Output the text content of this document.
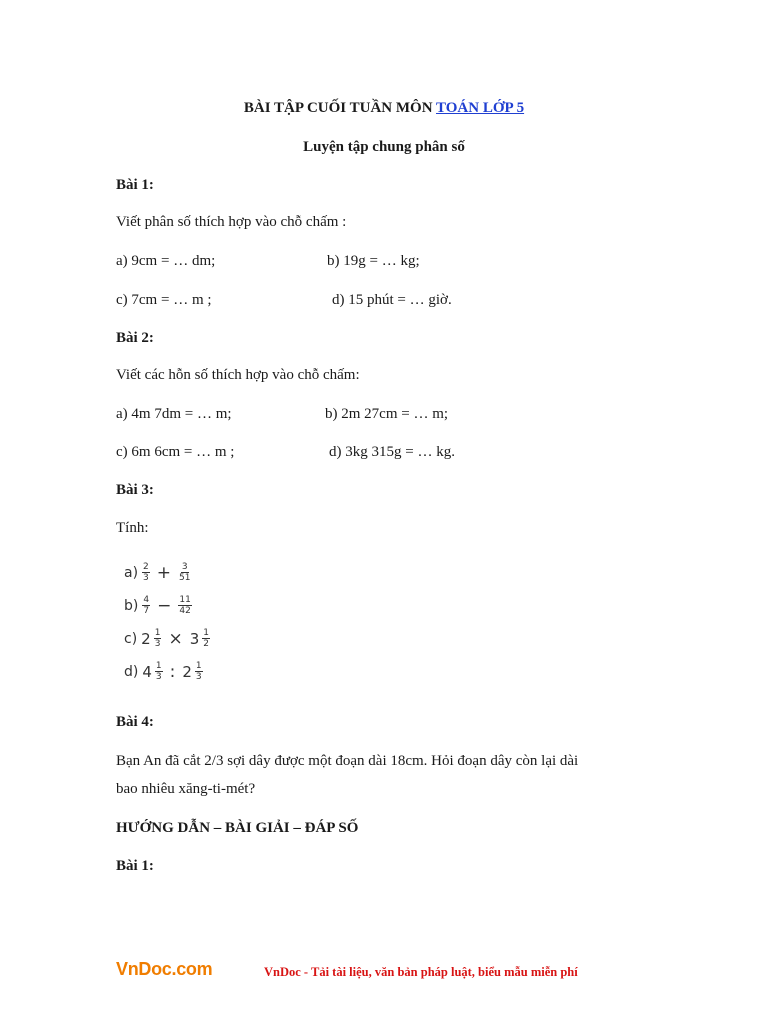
BÀI TẬP CUỐI TUẦN MÔN TOÁN LỚP 5
Luyện tập chung phân số
Bài 1:
Viết phân số thích hợp vào chỗ chấm :
a) 9cm = … dm;	b) 19g = … kg;
c) 7cm = … m ;	d) 15 phút = … giờ.
Bài 2:
Viết các hỗn số thích hợp vào chỗ chấm:
a) 4m 7dm = … m;	b) 2m 27cm = … m;
c) 6m 6cm = … m ;	d) 3kg 315g = … kg.
Bài 3:
Tính:
$a) \frac{2}{3} + \frac{3}{51}$
$b) \frac{4}{7} - \frac{11}{42}$
c) $2 \frac{1}{3} \times 3 \frac{1}{2}$
d) $4 \frac{1}{3}$ : $2 \frac{1}{3}$
Bài 4:
Bạn An đã cắt 2/3 sợi dây được một đoạn dài 18cm. Hỏi đoạn dây còn lại dài
bao nhiêu xăng-ti-mét?
HƯỚNG DẪN – BÀI GIẢI – ĐÁP SỐ
Bài 1:
VnDoc.com	VnDoc - Tải tài liệu, văn bản pháp luật, biểu mẫu miễn phí
